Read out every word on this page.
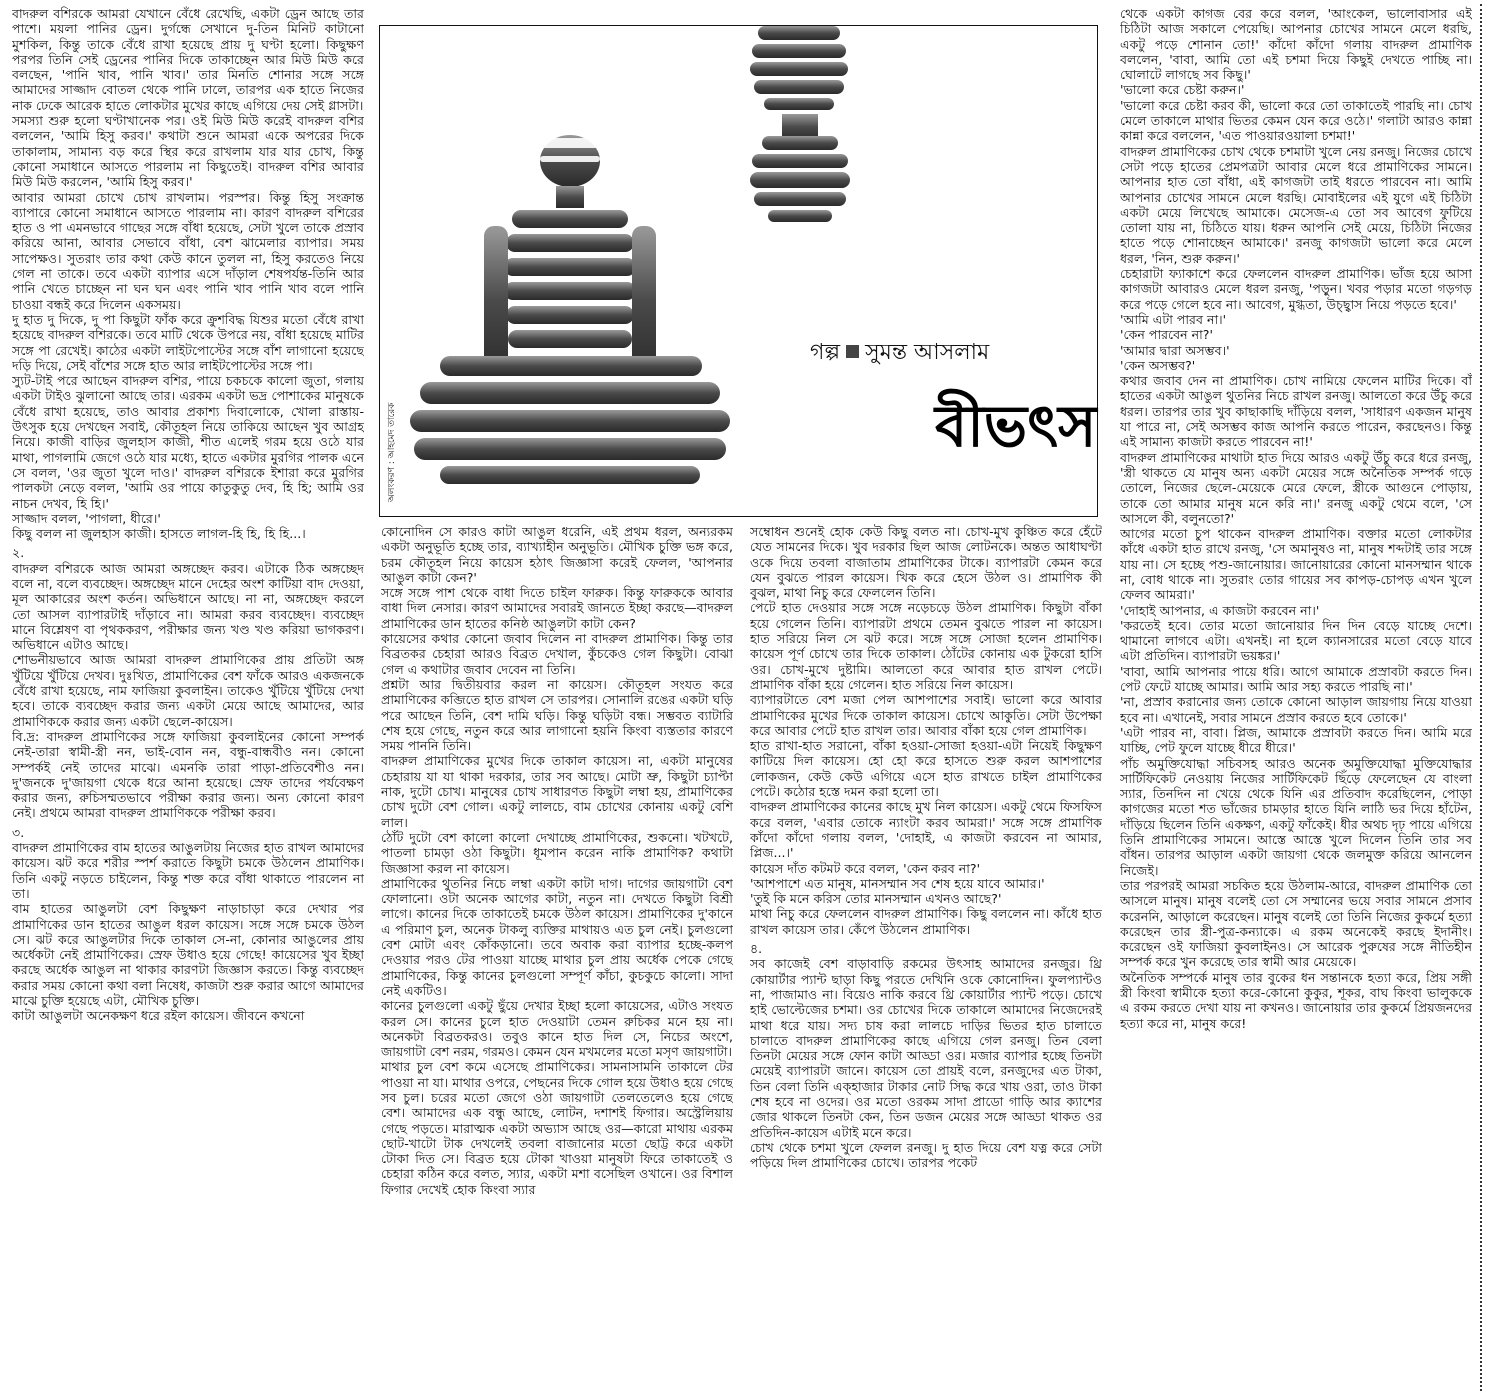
বাদরুল বশিরকে আমরা যেখানে বেঁধে রেখেছি, একটা ড্রেন আছে তার পাশে। ময়লা পানির ড্রেন। দুর্গন্ধে সেখানে দু-তিন মিনিট কাটানো মুশকিল, কিন্তু তাকে বেঁধে রাখা হয়েছে প্রায় দু ঘণ্টা হলো। কিছুক্ষণ পরপর তিনি সেই ড্রেনের পানির দিকে তাকাচ্ছেন আর মিউ মিউ করে বলছেন, 'পানি খাব, পানি খাব।' তার মিনতি শোনার সঙ্গে সঙ্গে আমাদের সাজ্জাদ বোতল থেকে পানি ঢালে, তারপর এক হাতে নিজের নাক ঢেকে আরেক হাতে লোকটার মুখের কাছে এগিয়ে দেয় সেই গ্লাসটা।

সমস্যা শুরু হলো ঘণ্টাখানেক পর। ওই মিউ মিউ করেই বাদরুল বশির বললেন, 'আমি হিসু করব।' কথাটা শুনে আমরা একে অপরের দিকে তাকালাম, সামান্য বড় করে স্থির করে রাখলাম যার যার চোখ, কিন্তু কোনো সমাধানে আসতে পারলাম না কিছুতেই। বাদরুল বশির আবার মিউ মিউ করলেন, 'আমি হিসু করব।'

আবার আমরা চোখে চোখ রাখলাম। পরস্পর। কিন্তু হিসু সংক্রান্ত ব্যাপারে কোনো সমাধানে আসতে পারলাম না। কারণ বাদরুল বশিরের হাত ও পা এমনভাবে গাছের সঙ্গে বাঁধা হয়েছে, সেটা খুলে তাকে প্রস্রাব করিয়ে আনা, আবার সেভাবে বাঁধা, বেশ ঝামেলার ব্যাপার। সময় সাপেক্ষও। সুতরাং তার কথা কেউ কানে তুলল না, হিসু করতেও নিয়ে গেল না তাকে। তবে একটা ব্যাপার এসে দাঁড়াল শেষপর্যন্ত-তিনি আর পানি খেতে চাচ্ছেন না ঘন ঘন এবং পানি খাব পানি খাব বলে পানি চাওয়া বন্ধই করে দিলেন একসময়।

দু হাত দু দিকে, দু পা কিছুটা ফাঁক করে ক্রুশবিদ্ধ যিশুর মতো বেঁধে রাখা হয়েছে বাদরুল বশিরকে। তবে মাটি থেকে উপরে নয়, বাঁধা হয়েছে মাটির সঙ্গে পা রেখেই। কাঠের একটা লাইটপোস্টের সঙ্গে বাঁশ লাগানো হয়েছে দড়ি দিয়ে, সেই বাঁশের সঙ্গে হাত আর লাইটপোস্টের সঙ্গে পা।

স্যুট-টাই পরে আছেন বাদরুল বশির, পায়ে চকচকে কালো জুতা, গলায় একটা টাইও ঝুলানো আছে তার। এরকম একটা ভদ্র পোশাকের মানুষকে বেঁধে রাখা হয়েছে, তাও আবার প্রকাশ্য দিবালোকে, খোলা রাস্তায়-উৎসুক হয়ে দেখছেন সবাই, কৌতূহল নিয়ে তাকিয়ে আছেন খুব আগ্রহ নিয়ে। কাজী বাড়ির জুলহাস কাজী, শীত এলেই গরম হয়ে ওঠে যার মাথা, পাগলামি জেগে ওঠে যার মধ্যে, হাতে একটার মুরগির পালক এনে সে বলল, 'ওর জুতা খুলে দাও।' বাদরুল বশিরকে ইশারা করে মুরগির পালকটা নেড়ে বলল, 'আমি ওর পায়ে কাতুকুতু দেব, হি হি; আমি ওর নাচন দেখব, হি হি।'

সাজ্জাদ বলল, 'পাগলা, ধীরে।'

কিছু বলল না জুলহাস কাজী। হাসতে লাগল-হি হি, হি হি...।

২.

বাদরুল বশিরকে আজ আমরা অঙ্গচ্ছেদ করব। এটাকে ঠিক অঙ্গচ্ছেদ বলে না, বলে ব্যবচ্ছেদ। অঙ্গচ্ছেদ মানে দেহের অংশ কাটিয়া বাদ দেওয়া, মূল আকারের অংশ কর্তন। অভিধানে আছে। না না, অঙ্গচ্ছেদ করলে তো আসল ব্যাপারটাই দাঁড়াবে না। আমরা করব ব্যবচ্ছেদ। ব্যবচ্ছেদ মানে বিশ্লেষণ বা পৃথককরণ, পরীক্ষার জন্য খণ্ড খণ্ড করিয়া ভাগকরণ। অভিধানে এটাও আছে।

শোভনীয়ভাবে আজ আমরা বাদরুল প্রামাণিকের প্রায় প্রতিটা অঙ্গ খুঁটিয়ে খুঁটিয়ে দেখব। দুঃখিত, প্রামাণিকের বেশ ফাঁকে আরও একজনকে বেঁধে রাখা হয়েছে, নাম ফাজিয়া কুবলাইন। তাকেও খুঁটিয়ে খুঁটিয়ে দেখা হবে। তাকে ব্যবচ্ছেদ করার জন্য একটা মেয়ে আছে আমাদের, আর প্রামাণিককে করার জন্য একটা ছেলে-কায়েস।

বি.দ্র: বাদরুল প্রামাণিকের সঙ্গে ফাজিয়া কুবলাইনের কোনো সম্পর্ক নেই-তারা স্বামী-স্ত্রী নন, ভাই-বোন নন, বন্ধু-বান্ধবীও নন। কোনো সম্পর্কই নেই তাদের মাঝে। এমনকি তারা পাড়া-প্রতিবেশীও নন। দু'জনকে দু'জায়গা থেকে ধরে আনা হয়েছে। স্রেফ তাদের পর্যবেক্ষণ করার জন্য, রুচিসম্মতভাবে পরীক্ষা করার জন্য। অন্য কোনো কারণ নেই। প্রথমে আমরা বাদরুল প্রামাণিককে পরীক্ষা করব।

৩.

বাদরুল প্রামাণিকের বাম হাতের আঙুলটায় নিজের হাত রাখল আমাদের কায়েস। ঝট করে শরীর স্পর্শ করাতে কিছুটা চমকে উঠলেন প্রামাণিক। তিনি একটু নড়তে চাইলেন, কিন্তু শক্ত করে বাঁধা থাকাতে পারলেন না তা।

বাম হাতের আঙুলটা বেশ কিছুক্ষণ নাড়াচাড়া করে দেখার পর প্রামাণিকের ডান হাতের আঙুল ধরল কায়েস। সঙ্গে সঙ্গে চমকে উঠল সে। ঝট করে আঙুলটার দিকে তাকাল সে-না, কোনার আঙুলের প্রায় অর্ধেকটা নেই প্রামাণিকের। স্রেফ উধাও হয়ে গেছে! কায়েসের খুব ইচ্ছা করছে অর্ধেক আঙুল না থাকার কারণটা জিজ্ঞাস করতে। কিন্তু ব্যবচ্ছেদ করার সময় কোনো কথা বলা নিষেধ, কাজটা শুরু করার আগে আমাদের মাঝে চুক্তি হয়েছে এটা, মৌখিক চুক্তি।

কাটা আঙুলটা অনেকক্ষণ ধরে রইল কায়েস। জীবনে কখনো

কোনোদিন সে কারও কাটা আঙুল ধরেনি, এই প্রথম ধরল, অন্যরকম একটা অনুভূতি হচ্ছে তার, ব্যাখ্যাহীন অনুভূতি। মৌখিক চুক্তি ভঙ্গ করে, চরম কৌতূহল নিয়ে কায়েস হঠাৎ জিজ্ঞাসা করেই ফেলল, 'আপনার আঙুল কাটা কেন?'

সঙ্গে সঙ্গে পাশ থেকে বাধা দিতে চাইল ফারুক। কিন্তু ফারুককে আবার বাধা দিল নেসার। কারণ আমাদের সবারই জানতে ইচ্ছা করছে—বাদরুল প্রামাণিকের ডান হাতের কনিষ্ঠ আঙুলটা কাটা কেন?

কায়েসের কথার কোনো জবাব দিলেন না বাদরুল প্রামাণিক। কিন্তু তার বিব্রতকর চেহারা আরও বিব্রত দেখাল, কুঁচকেও গেল কিছুটা। বোঝা গেল এ কথাটার জবাব দেবেন না তিনি।

প্রশ্নটা আর দ্বিতীয়বার করল না কায়েস। কৌতূহল সংযত করে প্রামাণিকের কব্জিতে হাত রাখল সে তারপর। সোনালি রঙের একটা ঘড়ি পরে আছেন তিনি, বেশ দামি ঘড়ি। কিন্তু ঘড়িটা বন্ধ। সম্ভবত ব্যাটারি শেষ হয়ে গেছে, নতুন করে আর লাগানো হয়নি কিংবা ব্যস্ততার কারণে সময় পাননি তিনি।

বাদরুল প্রামাণিকের মুখের দিকে তাকাল কায়েস। না, একটা মানুষের চেহারায় যা যা থাকা দরকার, তার সব আছে। মোটা ভ্রু, কিছুটা চ্যাপ্টা নাক, দুটো চোখ। মানুষের চোখ সাধারণত কিছুটা লম্বা হয়, প্রামাণিকের চোখ দুটো বেশ গোল। একটু লালচে, বাম চোখের কোনায় একটু বেশি লাল।

ঠোঁট দুটো বেশ কালো কালো দেখাচ্ছে প্রামাণিকের, শুকনো। খটখটে, পাতলা চামড়া ওঠা কিছুটা। ধূমপান করেন নাকি প্রামাণিক? কথাটা জিজ্ঞাসা করল না কায়েস।

প্রামাণিকের থুতনির নিচে লম্বা একটা কাটা দাগ। দাগের জায়গাটা বেশ ফোলানো। ওটা অনেক আগের কাটা, নতুন না। দেখতে কিছুটা বিশ্রী লাগে। কানের দিকে তাকাতেই চমকে উঠল কায়েস। প্রামাণিকের দু'কানে এ পরিমাণ চুল, অনেক টাকলু ব্যক্তির মাথায়ও এত চুল নেই। চুলগুলো বেশ মোটা এবং কোঁকড়ানো। তবে অবাক করা ব্যাপার হচ্ছে-কলপ দেওয়ার পরও টের পাওয়া যাচ্ছে মাথার চুল প্রায় অর্ধেক পেকে গেছে প্রামাণিকের, কিন্তু কানের চুলগুলো সম্পূর্ণ কাঁচা, কুচকুচে কালো। সাদা নেই একটিও।

কানের চুলগুলো একটু ছুঁয়ে দেখার ইচ্ছা হলো কায়েসের, এটাও সংযত করল সে। কানের চুলে হাত দেওয়াটা তেমন রুচিকর মনে হয় না। অনেকটা বিব্রতকরও। তবুও কানে হাত দিল সে, নিচের অংশে, জায়গাটা বেশ নরম, গরমও। কেমন যেন মখমলের মতো মসৃণ জায়গাটা।

মাথার চুল বেশ কমে এসেছে প্রামাণিকের। সামনাসামনি তাকালে টের পাওয়া না যা। মাথার ওপরে, পেছনের দিকে গোল হয়ে উধাও হয়ে গেছে সব চুল। চরের মতো জেগে ওঠা জায়গাটা তেলতেলেও হয়ে গেছে বেশ। আমাদের এক বন্ধু আছে, লোটন, দশাশই ফিগার। অস্ট্রেলিয়ায় গেছে পড়তে। মারাত্মক একটা অভ্যাস আছে ওর—কারো মাথায় এরকম ছোট-খাটো টাক দেখলেই তবলা বাজানোর মতো ছোট্ট করে একটা টোকা দিত সে। বিব্রত হয়ে টোকা খাওয়া মানুষটা ফিরে তাকাতেই ও চেহারা কঠিন করে বলত, স্যার, একটা মশা বসেছিল ওখানে। ওর বিশাল ফিগার দেখেই হোক কিংবা স্যার

সম্বোধন শুনেই হোক কেউ কিছু বলত না। চোখ-মুখ কুঞ্চিত করে হেঁটে যেত সামনের দিকে। খুব দরকার ছিল আজ লোটনকে। অন্তত আধাঘণ্টা ওকে দিয়ে তবলা বাজাতাম প্রামাণিকের টাকে। ব্যাপারটা কেমন করে যেন বুঝতে পারল কায়েস। খিক করে হেসে উঠল ও। প্রামাণিক কী বুঝল, মাথা নিচু করে ফেললেন তিনি।

পেটে হাত দেওয়ার সঙ্গে সঙ্গে নড়েচড়ে উঠল প্রামাণিক। কিছুটা বাঁকা হয়ে গেলেন তিনি। ব্যাপারটা প্রথমে তেমন বুঝতে পারল না কায়েস। হাত সরিয়ে নিল সে ঝট করে। সঙ্গে সঙ্গে সোজা হলেন প্রামাণিক। কায়েস পূর্ণ চোখে তার দিকে তাকাল। ঠোঁটের কোনায় এক টুকরো হাসি ওর। চোখ-মুখে দুষ্টামি। আলতো করে আবার হাত রাখল পেটে। প্রামাণিক বাঁকা হয়ে গেলেন। হাত সরিয়ে নিল কায়েস।

ব্যাপারটাতে বেশ মজা পেল আশপাশের সবাই। ভালো করে আবার প্রামাণিকের মুখের দিকে তাকাল কায়েস। চোখে আকুতি। সেটা উপেক্ষা করে আবার পেটে হাত রাখল তার। আবার বাঁকা হয়ে গেল প্রামাণিক।

হাত রাখা-হাত সরানো, বাঁকা হওয়া-সোজা হওয়া-এটা নিয়েই কিছুক্ষণ কাটিয়ে দিল কায়েস। হো হো করে হাসতে শুরু করল আশপাশের লোকজন, কেউ কেউ এগিয়ে এসে হাত রাখতে চাইল প্রামাণিকের পেটে। কঠোর হস্তে দমন করা হলো তা।

বাদরুল প্রামাণিকের কানের কাছে মুখ নিল কায়েস। একটু থেমে ফিসফিস করে বলল, 'এবার তোকে ন্যাংটা করব আমরা।' সঙ্গে সঙ্গে প্রামাণিক কাঁদো কাঁদো গলায় বলল, 'দোহাই, এ কাজটা করবেন না আমার, প্লিজ...।'

কায়েস দাঁত কটমট করে বলল, 'কেন করব না?'

'আশপাশে এত মানুষ, মানসম্মান সব শেষ হয়ে যাবে আমার।'

'তুই কি মনে করিস তোর মানসম্মান এখনও আছে?'

মাথা নিচু করে ফেললেন বাদরুল প্রামাণিক। কিছু বললেন না। কাঁধে হাত রাখল কায়েস তার। কেঁপে উঠলেন প্রামাণিক।

৪.

সব কাজেই বেশ বাড়াবাড়ি রকমের উৎসাহ আমাদের রনজুর। থ্রি কোয়ার্টার প্যান্ট ছাড়া কিছু পরতে দেখিনি ওকে কোনোদিন। ফুলপ্যান্টও না, পাজামাও না। বিয়েও নাকি করবে থ্রি কোয়ার্টার প্যান্ট পড়ে। চোখে হাই ভোল্টেজের চশমা। ওর চোখের দিকে তাকালে আমাদের নিজেদেরই মাথা ধরে যায়। সদ্য চাষ করা লালচে দাড়ির ভিতর হাত চালাতে চালাতে বাদরুল প্রামাণিকের কাছে এগিয়ে গেল রনজু। তিন বেলা তিনটা মেয়ের সঙ্গে ফোন কাটা আড্ডা ওর। মজার ব্যাপার হচ্ছে তিনটা মেয়েই ব্যাপারটা জানে। কায়েস তো প্রায়ই বলে, রনজুদের এত টাকা, তিন বেলা তিনি এক্‌হাজার টাকার নোট সিদ্ধ করে খায় ওরা, তাও টাকা শেষ হবে না ওদের। ওর মতো ওরকম সাদা প্রাডো গাড়ি আর ক্যাশের জোর থাকলে তিনটা কেন, তিন ডজন মেয়ের সঙ্গে আড্ডা থাকত ওর প্রতিদিন-কায়েস এটাই মনে করে।

চোখ থেকে চশমা খুলে ফেলল রনজু। দু হাত দিয়ে বেশ যত্ন করে সেটা পড়িয়ে দিল প্রামাণিকের চোখে। তারপর পকেট

থেকে একটা কাগজ বের করে বলল, 'আংকেল, ভালোবাসার এই চিঠিটা আজ সকালে পেয়েছি। আপনার চোখের সামনে মেলে ধরছি, একটু পড়ে শোনান তো!' কাঁদো কাঁদো গলায় বাদরুল প্রামাণিক বললেন, 'বাবা, আমি তো এই চশমা দিয়ে কিছুই দেখতে পাচ্ছি না। ঘোলাটে লাগছে সব কিছু।'

'ভালো করে চেষ্টা করুন।'

'ভালো করে চেষ্টা করব কী, ভালো করে তো তাকাতেই পারছি না। চোখ মেলে তাকালে মাথার ভিতর কেমন যেন করে ওঠে।' গলাটা আরও কান্না কান্না করে বললেন, 'এত পাওয়ারওয়ালা চশমা!'

বাদরুল প্রামাণিকের চোখ থেকে চশমাটা খুলে নেয় রনজু। নিজের চোখে সেটা পড়ে হাতের প্রেমপত্রটা আবার মেলে ধরে প্রামাণিকের সামনে। আপনার হাত তো বাঁধা, এই কাগজটা তাই ধরতে পারবেন না। আমি আপনার চোখের সামনে মেলে ধরছি। মোবাইলের এই যুগে এই চিঠিটা একটা মেয়ে লিখেছে আমাকে। মেসেজ-এ তো সব আবেগ ফুটিয়ে তোলা যায় না, চিঠিতে যায়। ধরুন আপনি সেই মেয়ে, চিঠিটা নিজের হাতে পড়ে শোনাচ্ছেন আমাকে।' রনজু কাগজটা ভালো করে মেলে ধরল, 'নিন, শুরু করুন।'

চেহারাটা ফ্যাকাশে করে ফেললেন বাদরুল প্রামাণিক। ভাঁজ হয়ে আসা কাগজটা আবারও মেলে ধরল রনজু, 'পড়ুন। খবর পড়ার মতো গড়গড় করে পড়ে গেলে হবে না। আবেগ, মুগ্ধতা, উচ্ছ্বাস নিয়ে পড়তে হবে।'

'আমি এটা পারব না।'

'কেন পারবেন না?'

'আমার দ্বারা অসম্ভব।'

'কেন অসম্ভব?'

কথার জবাব দেন না প্রামাণিক। চোখ নামিয়ে ফেলেন মাটির দিকে। বাঁ হাতের একটা আঙুল থুতনির নিচে রাখল রনজু। আলতো করে উঁচু করে ধরল। তারপর তার খুব কাছাকাছি দাঁড়িয়ে বলল, 'সাধারণ একজন মানুষ যা পারে না, সেই অসম্ভব কাজ আপনি করতে পারেন, করছেনও। কিন্তু এই সামান্য কাজটা করতে পারবেন না!'

বাদরুল প্রামাণিকের মাথাটা হাত দিয়ে আরও একটু উঁচু করে ধরে রনজু, 'স্ত্রী থাকতে যে মানুষ অন্য একটা মেয়ের সঙ্গে অনৈতিক সম্পর্ক গড়ে তোলে, নিজের ছেলে-মেয়েকে মেরে ফেলে, স্ত্রীকে আগুনে পোড়ায়, তাকে তো আমার মানুষ মনে করি না।' রনজু একটু থেমে বলে, 'সে আসলে কী, বলুনতো?'

আগের মতো চুপ থাকেন বাদরুল প্রামাণিক। বক্তার মতো লোকটার কাঁধে একটা হাত রাখে রনজু, 'সে অমানুষও না, মানুষ শব্দটাই তার সঙ্গে যায় না। সে হচ্ছে পশু-জানোয়ার। জানোয়ারের কোনো মানসম্মান থাকে না, বোধ থাকে না। সুতরাং তোর গায়ের সব কাপড়-চোপড় এখন খুলে ফেলব আমরা।'

'দোহাই আপনার, এ কাজটা করবেন না।'

'করতেই হবে। তোর মতো জানোয়ার দিন দিন বেড়ে যাচ্ছে দেশে। থামানো লাগবে এটা। এখনই। না হলে ক্যানসারের মতো বেড়ে যাবে এটা প্রতিদিন। ব্যাপারটা ভয়ঙ্কর।'

'বাবা, আমি আপনার পায়ে ধরি। আগে আমাকে প্রস্রাবটা করতে দিন। পেট ফেটে যাচ্ছে আমার। আমি আর সহ্য করতে পারছি না।'

'না, প্রস্রাব করানোর জন্য তোকে কোনো আড়াল জায়গায় নিয়ে যাওয়া হবে না। এখানেই, সবার সামনে প্রস্রাব করতে হবে তোকে।'

'এটা পারব না, বাবা। প্লিজ, আমাকে প্রস্রাবটা করতে দিন। আমি মরে যাচ্ছি, পেট ফুলে যাচ্ছে ধীরে ধীরে।'

পাঁচ অমুক্তিযোদ্ধা সচিবসহ আরও অনেক অমুক্তিযোদ্ধা মুক্তিযোদ্ধার সার্টিফিকেট নেওয়ায় নিজের সার্টিফিকেট ছিঁড়ে ফেলেছেন যে বাংলা স্যার, তিনদিন না খেয়ে থেকে যিনি এর প্রতিবাদ করেছিলেন, পোড়া কাগজের মতো শত ভাঁজের চামড়ার হাতে যিনি লাঠি ভর দিয়ে হাঁটেন, দাঁড়িয়ে ছিলেন তিনি একক্ষণ, একটু ফাঁকেই। ধীর অথচ দৃঢ় পায়ে এগিয়ে তিনি প্রামাণিকের সামনে। আস্তে আস্তে খুলে দিলেন তিনি তার সব বাঁধন। তারপর আড়াল একটা জায়গা থেকে জলমুক্ত করিয়ে আনলেন নিজেই।

তার পরপরই আমরা সচকিত হয়ে উঠলাম-আরে, বাদরুল প্রামাণিক তো আসলে মানুষ। মানুষ বলেই তো সে সম্মানের ভয়ে সবার সামনে প্রসাব করেননি, আড়ালে করেছেন। মানুষ বলেই তো তিনি নিজের কুকর্মে হত্যা করেছেন তার স্ত্রী-পুত্র-কন্যাকে। এ রকম অনেকেই করছে ইদানীং। করেছেন ওই ফাজিয়া কুবলাইনও। সে আরেক পুরুষের সঙ্গে নীতিহীন সম্পর্ক করে খুন করেছে তার স্বামী আর মেয়েকে।

অনৈতিক সম্পর্কে মানুষ তার বুকের ধন সন্তানকে হত্যা করে, প্রিয় সঙ্গী স্ত্রী কিংবা স্বামীকে হত্যা করে-কোনো কুকুর, শূকর, বাঘ কিংবা ভালুককে এ রকম করতে দেখা যায় না কখনও। জানোয়ার তার কুকর্মে প্রিয়জনদের হত্যা করে না, মানুষ করে!

অলংকরণ : আহমেদ তারেক
গল্প সুমন্ত আসলাম
বীভৎস
